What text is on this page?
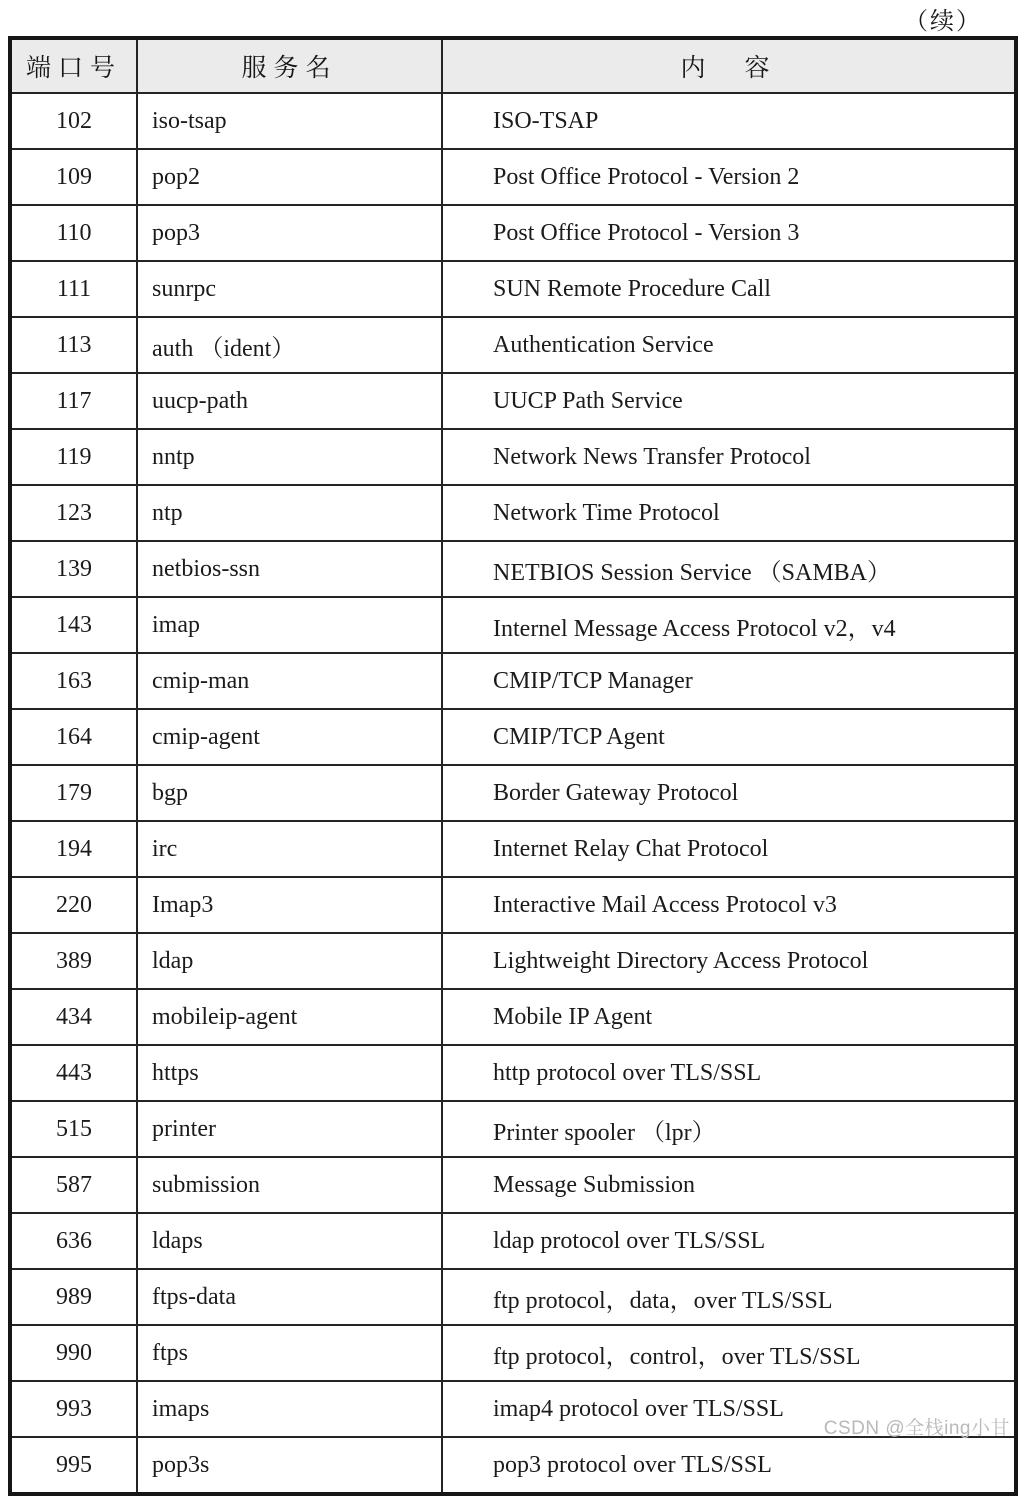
（续）
端口号	服务名	内　容
102	iso-tsap	ISO-TSAP
109	pop2	Post Office Protocol - Version 2
110	pop3	Post Office Protocol - Version 3
111	sunrpc	SUN Remote Procedure Call
113	auth （ident）	Authentication Service
117	uucp-path	UUCP Path Service
119	nntp	Network News Transfer Protocol
123	ntp	Network Time Protocol
139	netbios-ssn	NETBIOS Session Service （SAMBA）
143	imap	Internel Message Access Protocol v2，v4
163	cmip-man	CMIP/TCP Manager
164	cmip-agent	CMIP/TCP Agent
179	bgp	Border Gateway Protocol
194	irc	Internet Relay Chat Protocol
220	Imap3	Interactive Mail Access Protocol v3
389	ldap	Lightweight Directory Access Protocol
434	mobileip-agent	Mobile IP Agent
443	https	http protocol over TLS/SSL
515	printer	Printer spooler （lpr）
587	submission	Message Submission
636	ldaps	ldap protocol over TLS/SSL
989	ftps-data	ftp protocol，data，over TLS/SSL
990	ftps	ftp protocol，control，over TLS/SSL
993	imaps	imap4 protocol over TLS/SSL
995	pop3s	pop3 protocol over TLS/SSL
CSDN @全栈ing小甘
